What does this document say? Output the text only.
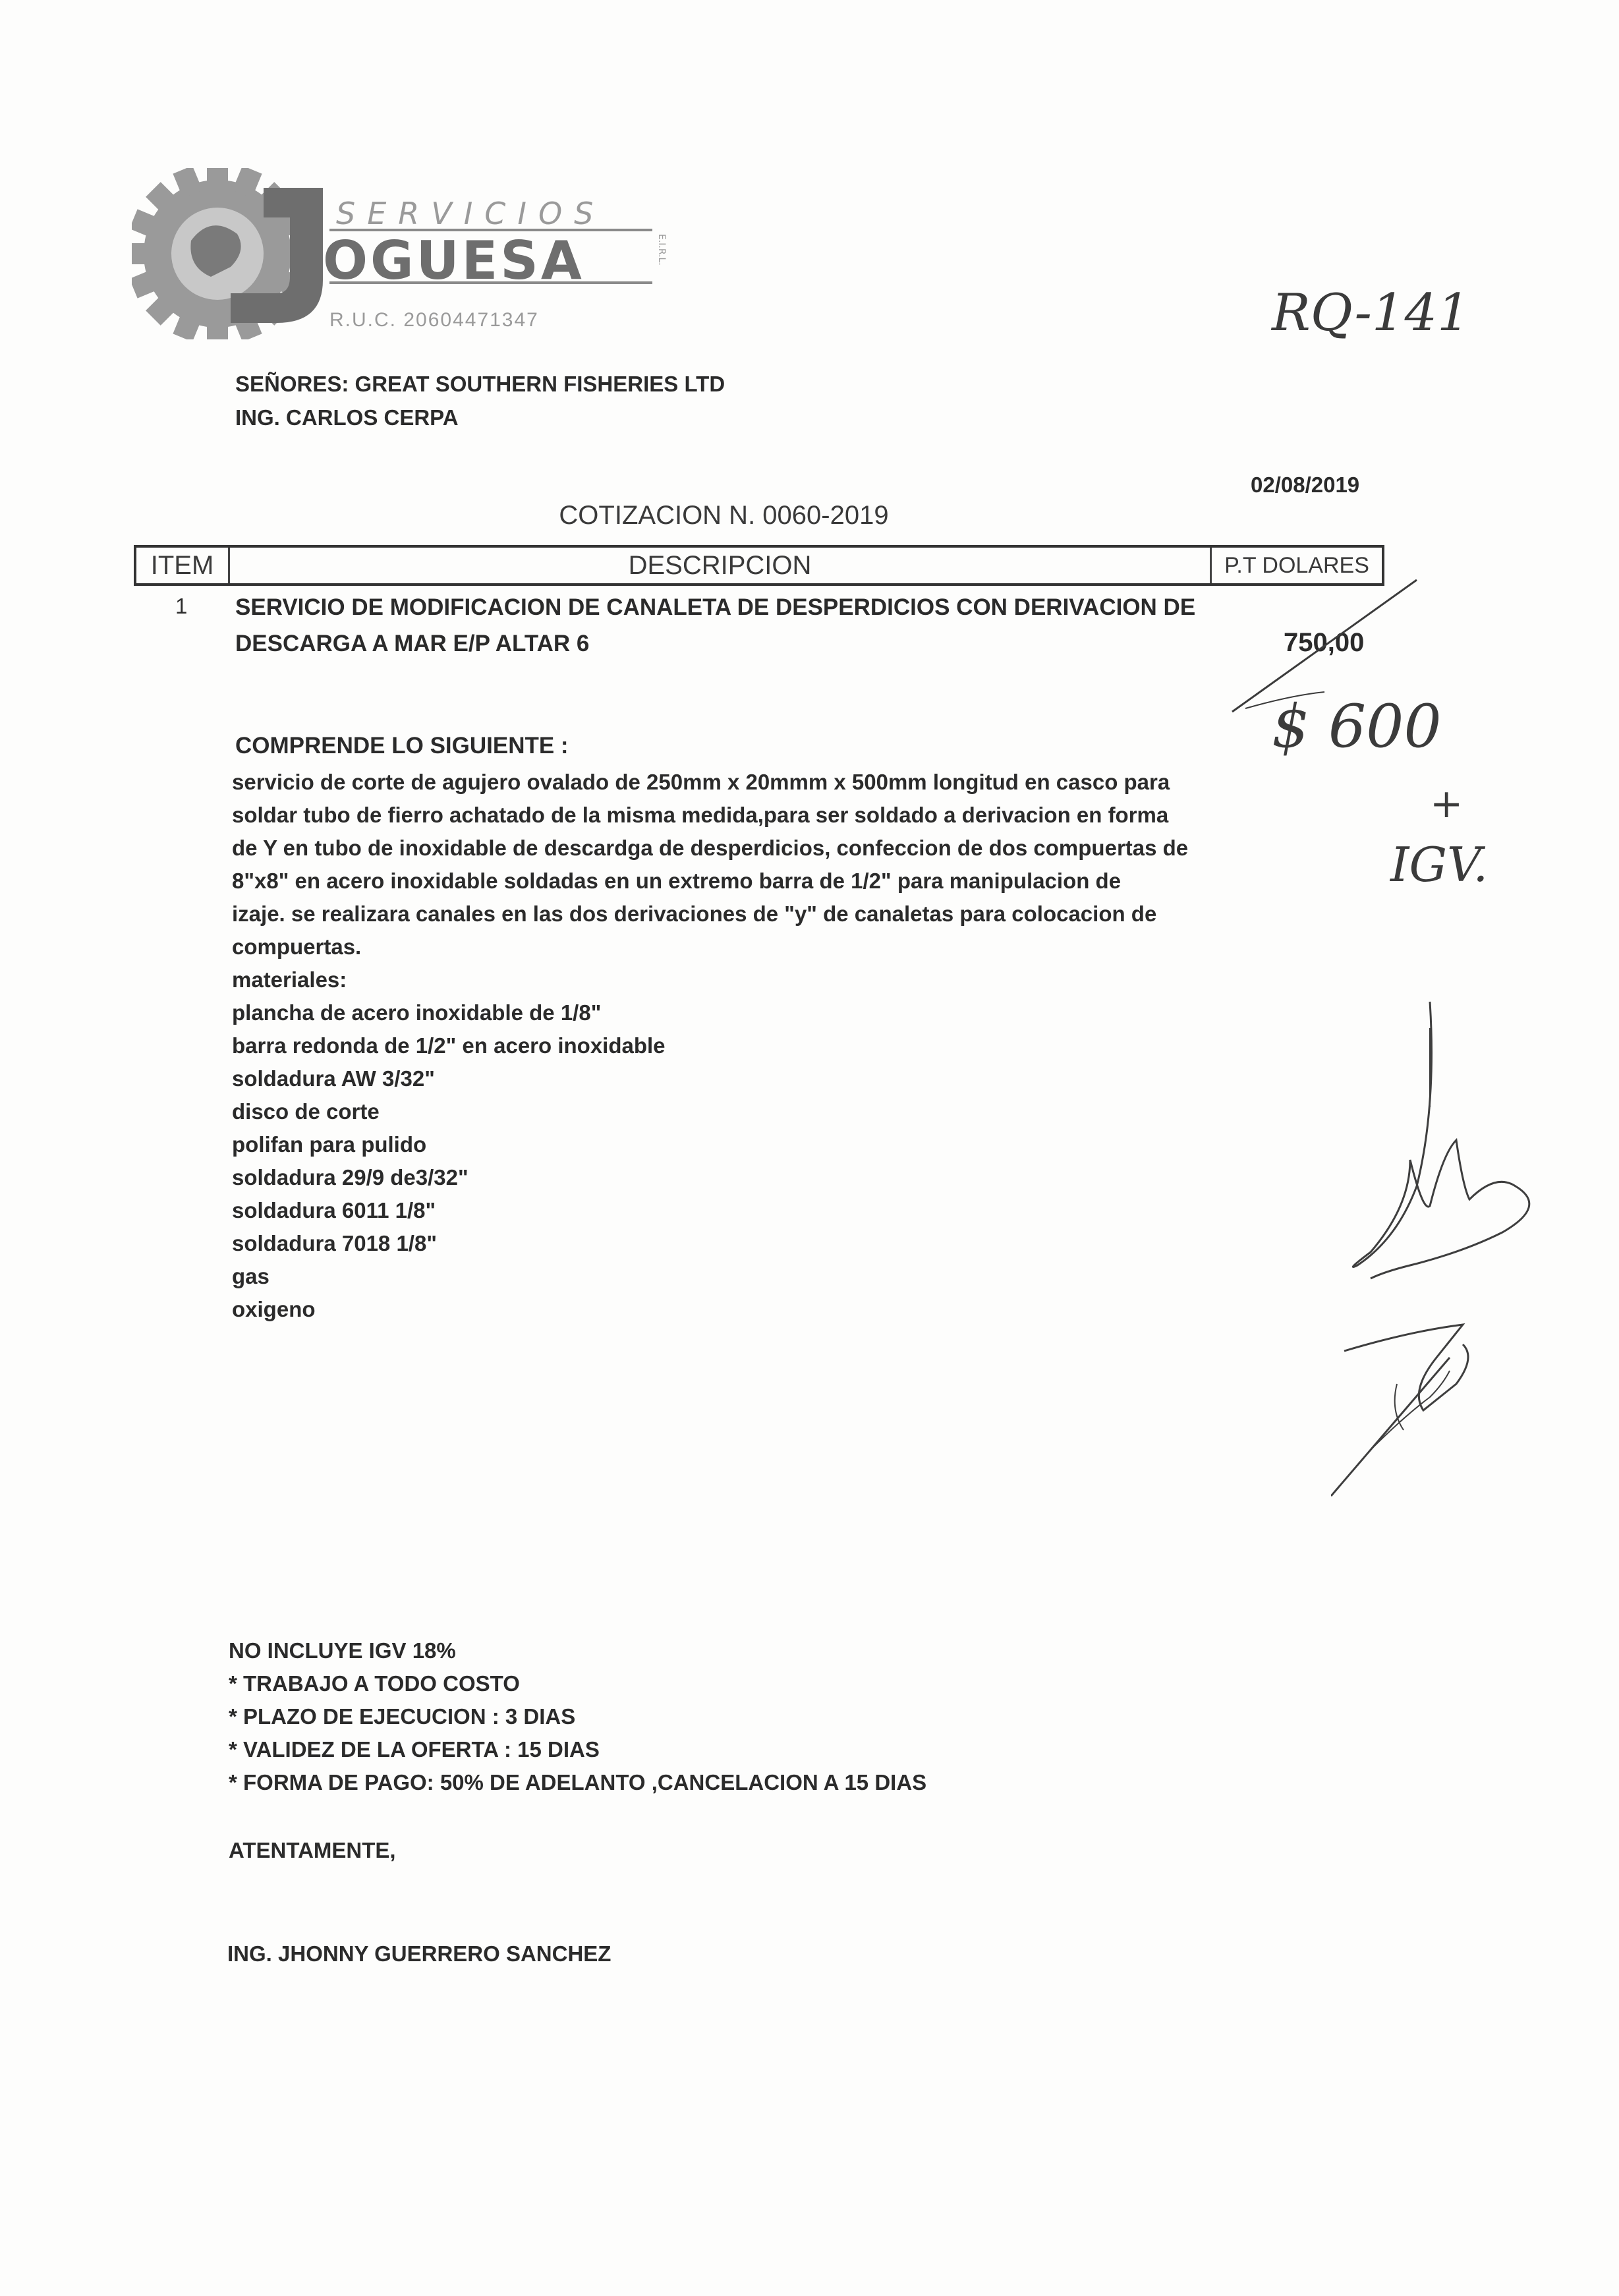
SERVICIOS
OGUESA	E.I.R.L.
R.U.C. 20604471347	RQ-141
SEÑORES: GREAT SOUTHERN FISHERIES LTD
ING. CARLOS CERPA
02/08/2019
COTIZACION N. 0060-2019
ITEM	DESCRIPCION	P.T DOLARES
1 SERVICIO DE MODIFICACION DE CANALETA DE DESPERDICIOS CON DERIVACION DE
DESCARGA A MAR E/P ALTAR 6	750,00
$ 600
+
IGV.
COMPRENDE LO SIGUIENTE :
servicio de corte de agujero ovalado de 250mm x 20mmm x 500mm longitud en casco para
soldar tubo de fierro achatado de la misma medida,para ser soldado a derivacion en forma
de Y en tubo de inoxidable de descardga de desperdicios, confeccion de dos compuertas de
8"x8" en acero inoxidable soldadas en un extremo barra de 1/2" para manipulacion de
izaje. se realizara canales en las dos derivaciones de "y" de canaletas para colocacion de
compuertas.
materiales:
plancha de acero inoxidable de 1/8"
barra redonda de 1/2" en acero inoxidable
soldadura AW 3/32"
disco de corte
polifan para pulido
soldadura 29/9 de3/32"
soldadura 6011 1/8"
soldadura 7018 1/8"
gas
oxigeno
NO INCLUYE IGV 18%
* TRABAJO A TODO COSTO
* PLAZO DE EJECUCION : 3 DIAS
* VALIDEZ DE LA OFERTA : 15 DIAS
* FORMA DE PAGO: 50% DE ADELANTO ,CANCELACION A 15 DIAS
ATENTAMENTE,
ING. JHONNY GUERRERO SANCHEZ
